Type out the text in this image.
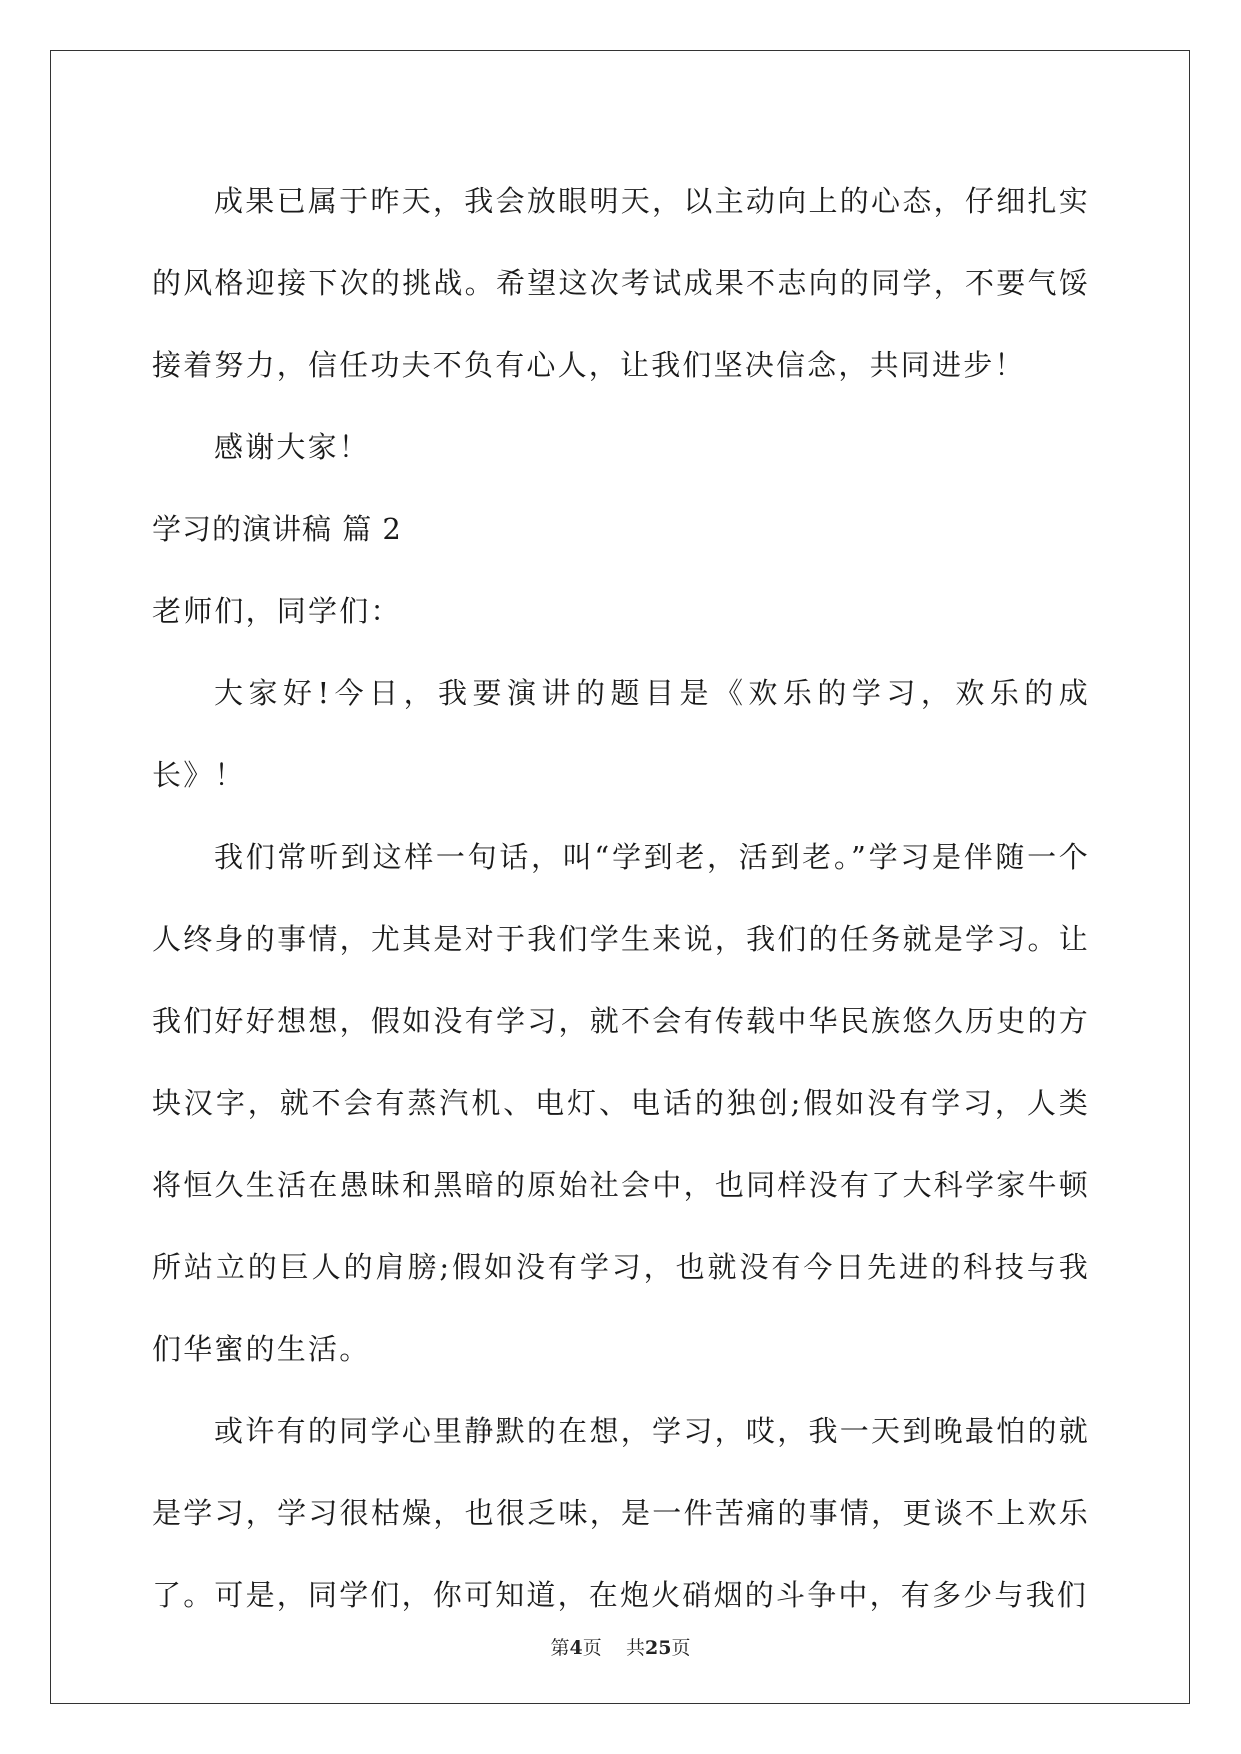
成果已属于昨天，我会放眼明天，以主动向上的心态，仔细扎实的风格迎接下次的挑战。希望这次考试成果不志向的同学，不要气馁接着努力，信任功夫不负有心人，让我们坚决信念，共同进步！

感谢大家！

学习的演讲稿 篇 2

老师们，同学们：

大家好!今日，我要演讲的题目是《欢乐的学习，欢乐的成长》！

我们常听到这样一句话，叫“学到老，活到老。”学习是伴随一个人终身的事情，尤其是对于我们学生来说，我们的任务就是学习。让我们好好想想，假如没有学习，就不会有传载中华民族悠久历史的方块汉字，就不会有蒸汽机、电灯、电话的独创;假如没有学习，人类将恒久生活在愚昧和黑暗的原始社会中，也同样没有了大科学家牛顿所站立的巨人的肩膀;假如没有学习，也就没有今日先进的科技与我们华蜜的生活。

或许有的同学心里静默的在想，学习，哎，我一天到晚最怕的就是学习，学习很枯燥，也很乏味，是一件苦痛的事情，更谈不上欢乐了。可是，同学们，你可知道，在炮火硝烟的斗争中，有多少与我们

第4页 共25页
